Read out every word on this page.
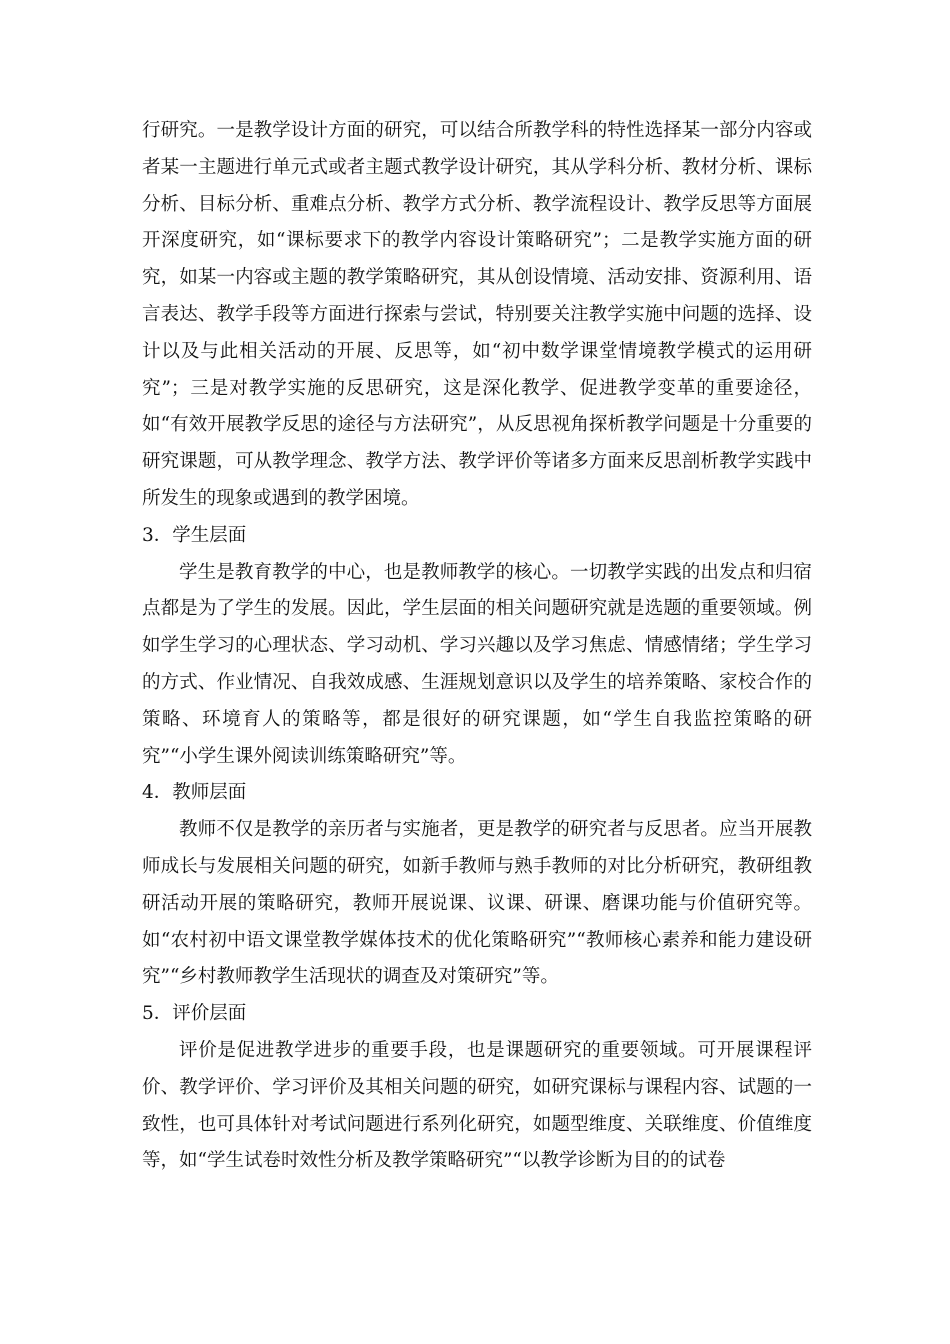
行研究。一是教学设计方面的研究，可以结合所教学科的特性选择某一部分内容或者某一主题进行单元式或者主题式教学设计研究，其从学科分析、教材分析、课标分析、目标分析、重难点分析、教学方式分析、教学流程设计、教学反思等方面展开深度研究，如“课标要求下的教学内容设计策略研究”；二是教学实施方面的研究，如某一内容或主题的教学策略研究，其从创设情境、活动安排、资源利用、语言表达、教学手段等方面进行探索与尝试，特别要关注教学实施中问题的选择、设计以及与此相关活动的开展、反思等，如“初中数学课堂情境教学模式的运用研究”；三是对教学实施的反思研究，这是深化教学、促进教学变革的重要途径，如“有效开展教学反思的途径与方法研究”，从反思视角探析教学问题是十分重要的研究课题，可从教学理念、教学方法、教学评价等诸多方面来反思剖析教学实践中所发生的现象或遇到的教学困境。

3．学生层面

学生是教育教学的中心，也是教师教学的核心。一切教学实践的出发点和归宿点都是为了学生的发展。因此，学生层面的相关问题研究就是选题的重要领域。例如学生学习的心理状态、学习动机、学习兴趣以及学习焦虑、情感情绪；学生学习的方式、作业情况、自我效成感、生涯规划意识以及学生的培养策略、家校合作的策略、环境育人的策略等，都是很好的研究课题，如“学生自我监控策略的研究”“小学生课外阅读训练策略研究”等。

4．教师层面

教师不仅是教学的亲历者与实施者，更是教学的研究者与反思者。应当开展教师成长与发展相关问题的研究，如新手教师与熟手教师的对比分析研究，教研组教研活动开展的策略研究，教师开展说课、议课、研课、磨课功能与价值研究等。如“农村初中语文课堂教学媒体技术的优化策略研究”“教师核心素养和能力建设研究”“乡村教师教学生活现状的调查及对策研究”等。

5．评价层面

评价是促进教学进步的重要手段，也是课题研究的重要领域。可开展课程评价、教学评价、学习评价及其相关问题的研究，如研究课标与课程内容、试题的一致性，也可具体针对考试问题进行系列化研究，如题型维度、关联维度、价值维度等，如“学生试卷时效性分析及教学策略研究”“以教学诊断为目的的试卷
